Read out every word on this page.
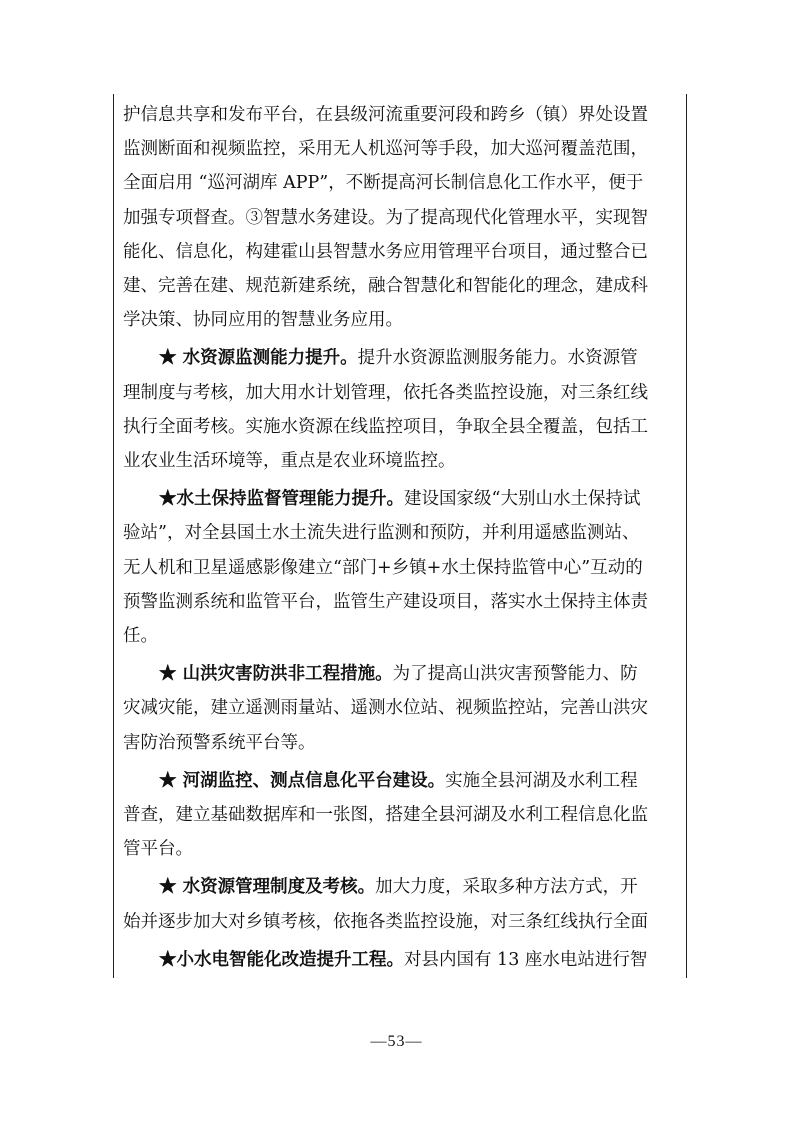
护信息共享和发布平台，在县级河流重要河段和跨乡（镇）界处设置
监测断面和视频监控，采用无人机巡河等手段，加大巡河覆盖范围，
全面启用 “巡河湖库 APP”，不断提高河长制信息化工作水平，便于
加强专项督查。③智慧水务建设。为了提高现代化管理水平，实现智
能化、信息化，构建霍山县智慧水务应用管理平台项目，通过整合已
建、完善在建、规范新建系统，融合智慧化和智能化的理念，建成科
学决策、协同应用的智慧业务应用。
★ 水资源监测能力提升。提升水资源监测服务能力。水资源管
理制度与考核，加大用水计划管理，依托各类监控设施，对三条红线
执行全面考核。实施水资源在线监控项目，争取全县全覆盖，包括工
业农业生活环境等，重点是农业环境监控。
★水土保持监督管理能力提升。建设国家级“大别山水土保持试
验站”，对全县国土水土流失进行监测和预防，并利用遥感监测站、
无人机和卫星遥感影像建立“部门+乡镇+水土保持监管中心”互动的
预警监测系统和监管平台，监管生产建设项目，落实水土保持主体责
任。
★ 山洪灾害防洪非工程措施。为了提高山洪灾害预警能力、防
灾减灾能，建立遥测雨量站、遥测水位站、视频监控站，完善山洪灾
害防治预警系统平台等。
★ 河湖监控、测点信息化平台建设。实施全县河湖及水利工程
普查，建立基础数据库和一张图，搭建全县河湖及水利工程信息化监
管平台。
★ 水资源管理制度及考核。加大力度，采取多种方法方式，开
始并逐步加大对乡镇考核，依拖各类监控设施，对三条红线执行全面
★小水电智能化改造提升工程。对县内国有 13 座水电站进行智
—53—
